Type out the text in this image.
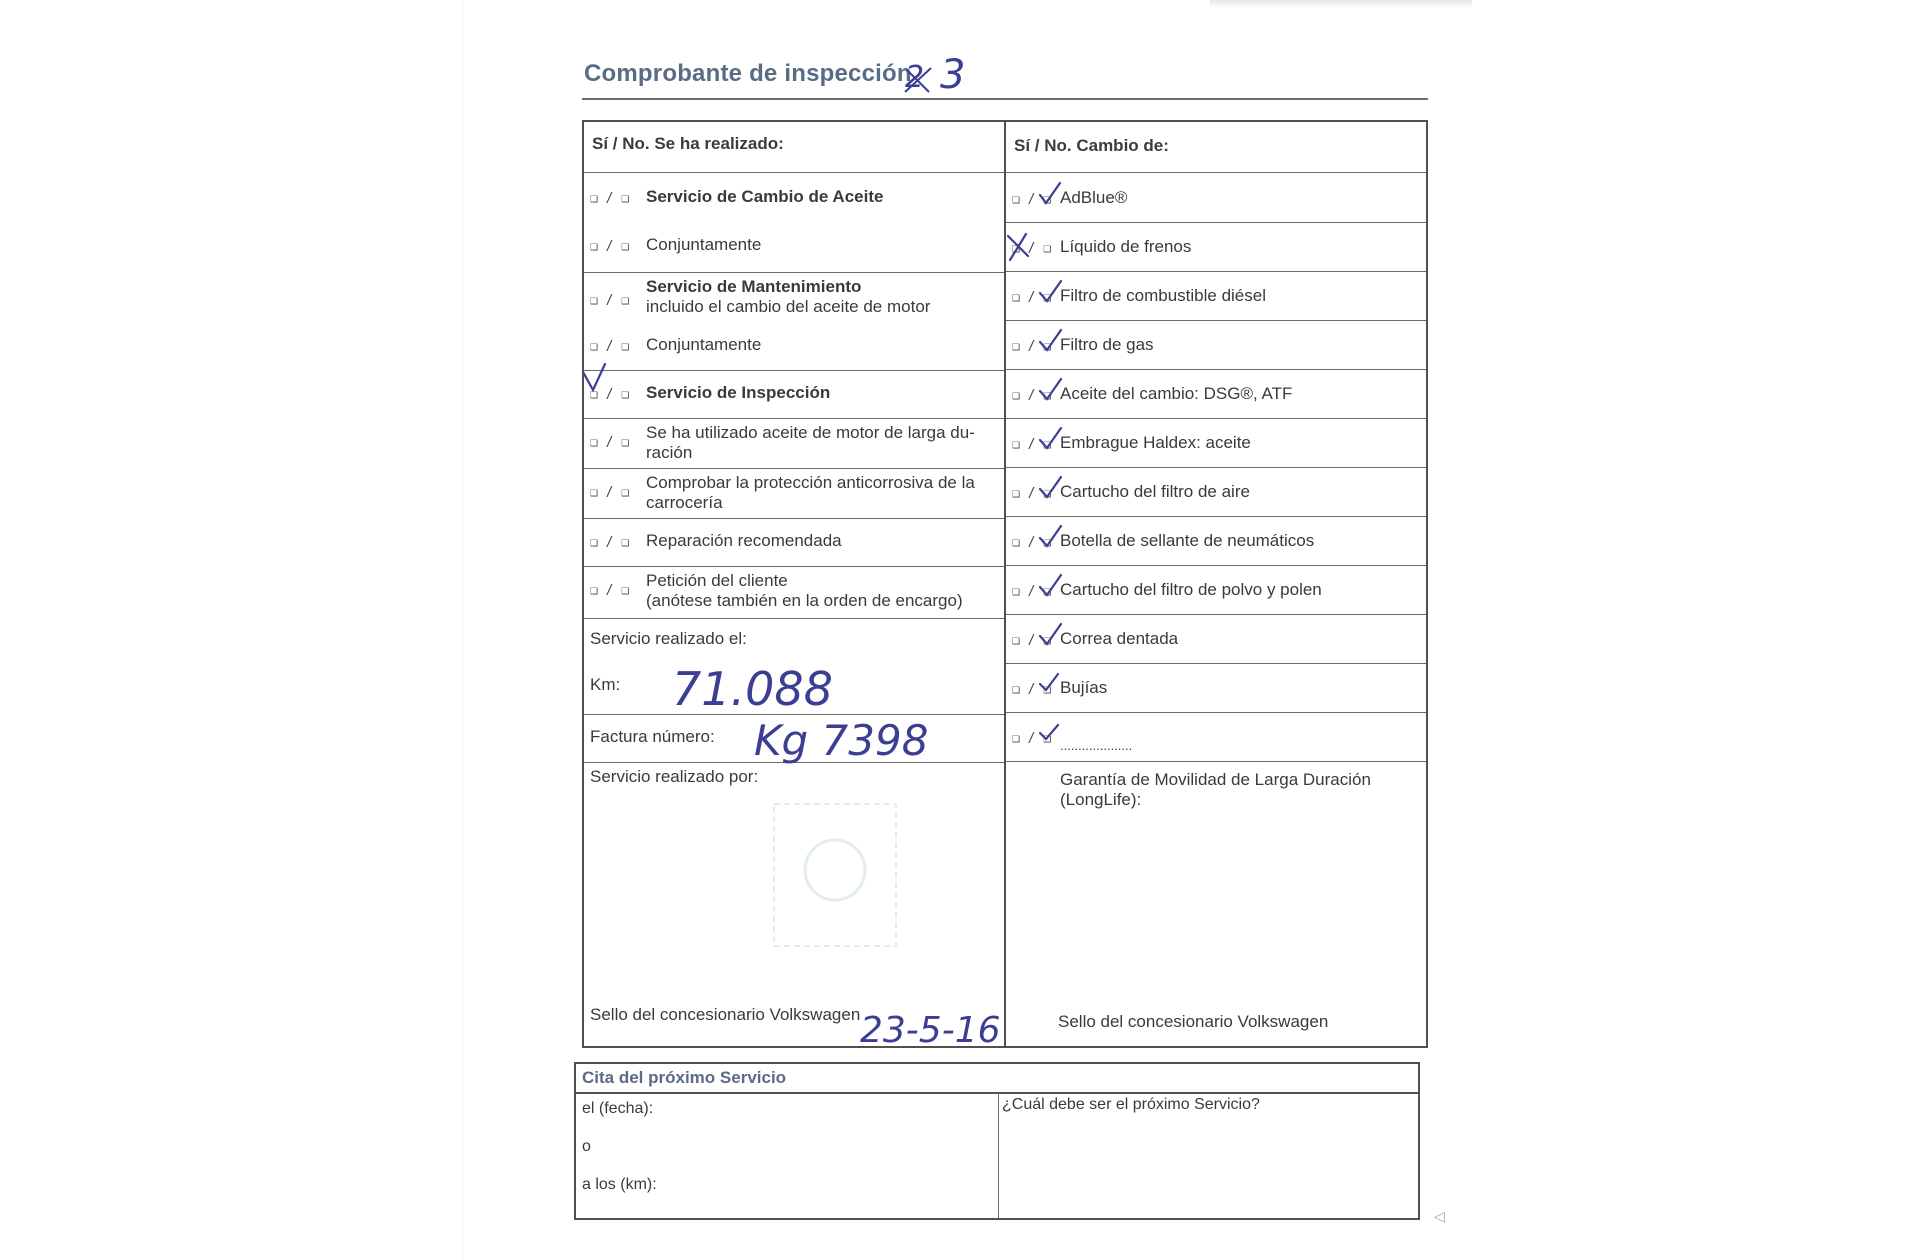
Comprobante de inspección
2 3
Sí / No. Se ha realizado:
❑ / ❑ Servicio de Cambio de Aceite
❑ / ❑ Conjuntamente
❑ / ❑Servicio de Mantenimiento
incluido el cambio del aceite de motor
❑ / ❑ Conjuntamente
❑ / ❑ Servicio de Inspección
❑ / ❑Se ha utilizado aceite de motor de larga du-
ración
❑ / ❑Comprobar la protección anticorrosiva de la
carrocería
❑ / ❑ Reparación recomendada
❑ / ❑Petición del cliente
(anótese también en la orden de encargo)
Servicio realizado el:
Km:
Factura número:
Servicio realizado por:
Sello del concesionario Volkswagen
Sí / No. Cambio de:
❑ / ❑ AdBlue®
❑ / ❑ Líquido de frenos
❑ / ❑ Filtro de combustible diésel
❑ / ❑ Filtro de gas
❑ / ❑ Aceite del cambio: DSG®, ATF
❑ / ❑ Embrague Haldex: aceite
❑ / ❑ Cartucho del filtro de aire
❑ / ❑ Botella de sellante de neumáticos
❑ / ❑ Cartucho del filtro de polvo y polen
❑ / ❑ Correa dentada
❑ / ❑ Bujías
❑ / ❑ $_{....................}$
Garantía de Movilidad de Larga Duración
(LongLife):
Sello del concesionario Volkswagen
71.088
Kg 7398
23-5-16
Cita del próximo Servicio
el (fecha):
o
a los (km):
¿Cuál debe ser el próximo Servicio?
◁
